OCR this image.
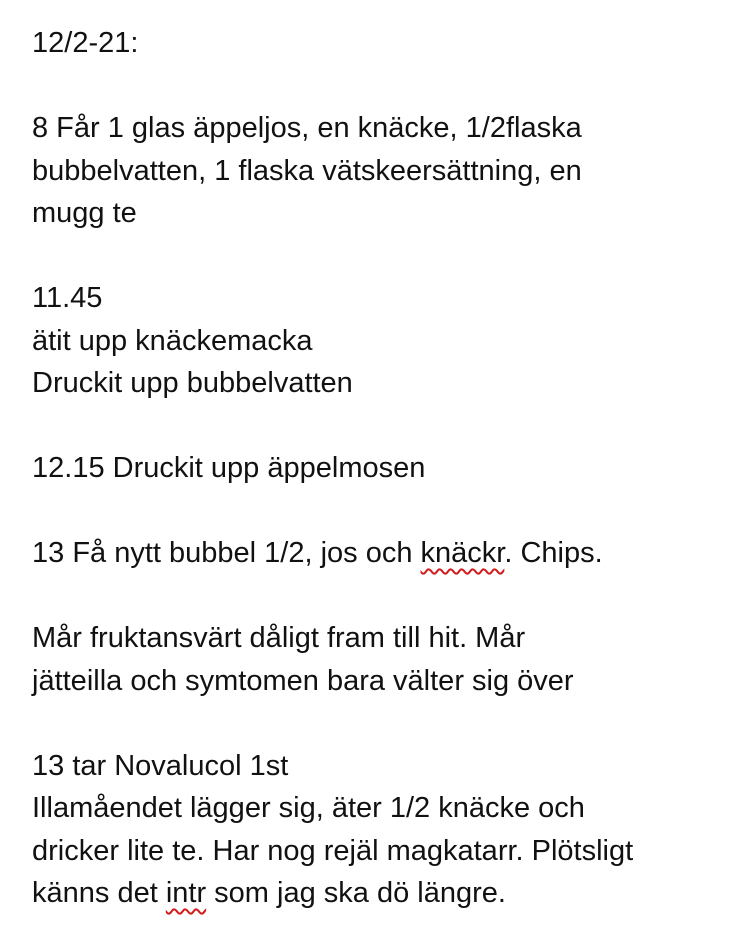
12/2-21:
8 Får 1 glas äppeljos, en knäcke, 1/2flaska
bubbelvatten, 1 flaska vätskeersättning, en
mugg te
11.45
ätit upp knäckemacka
Druckit upp bubbelvatten
12.15 Druckit upp äppelmosen
13 Få nytt bubbel 1/2, jos och knäckr. Chips.
Mår fruktansvärt dåligt fram till hit. Mår
jätteilla och symtomen bara välter sig över
13 tar Novalucol 1st
Illamåendet lägger sig, äter 1/2 knäcke och
dricker lite te. Har nog rejäl magkatarr. Plötsligt
känns det intr som jag ska dö längre.
